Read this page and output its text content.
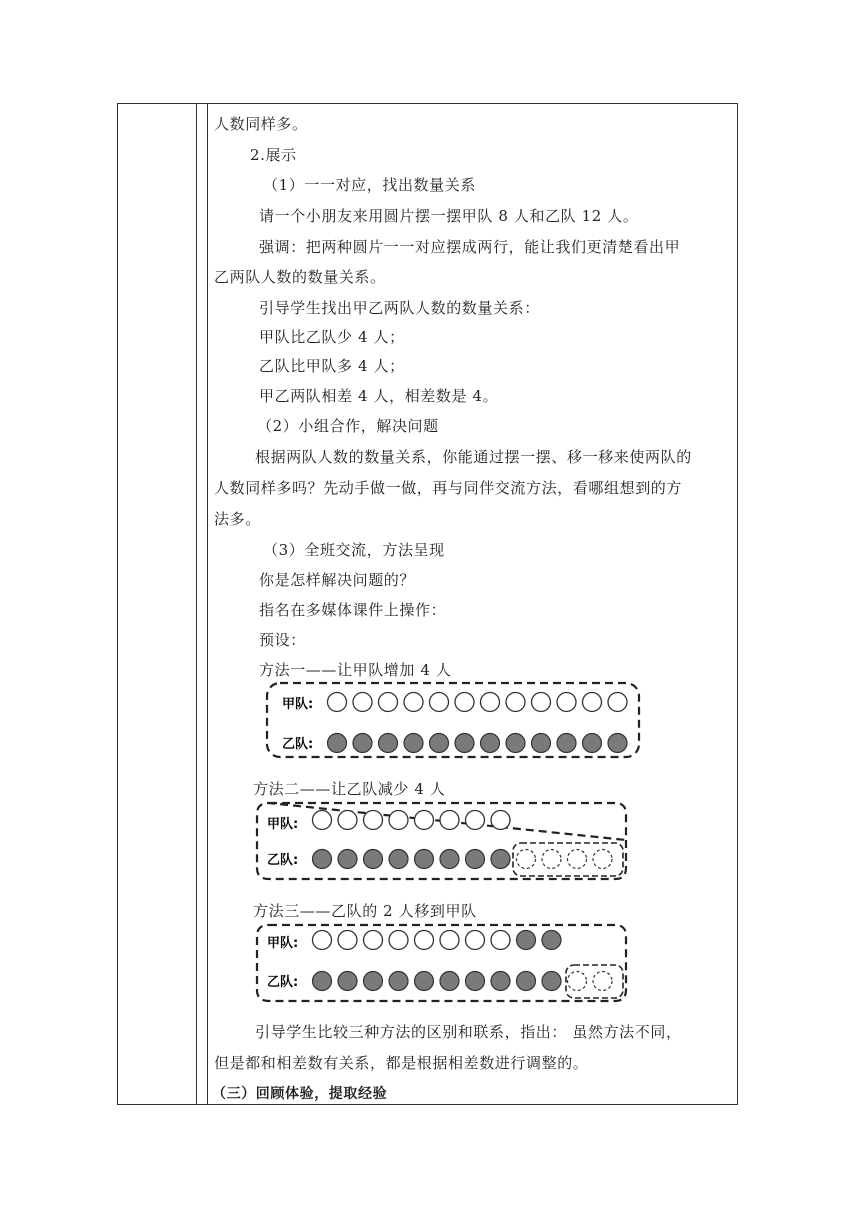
人数同样多。
2.展示
（1）一一对应，找出数量关系
请一个小朋友来用圆片摆一摆甲队 8 人和乙队 12 人。
强调：把两种圆片一一对应摆成两行，能让我们更清楚看出甲
乙两队人数的数量关系。
引导学生找出甲乙两队人数的数量关系：
甲队比乙队少 4 人；
乙队比甲队多 4 人；
甲乙两队相差 4 人，相差数是 4。
（2）小组合作，解决问题
根据两队人数的数量关系，你能通过摆一摆、移一移来使两队的
人数同样多吗？先动手做一做，再与同伴交流方法，看哪组想到的方
法多。
（3）全班交流，方法呈现
你是怎样解决问题的？
指名在多媒体课件上操作：
预设：
方法一——让甲队增加 4 人
方法二——让乙队减少 4 人
方法三——乙队的 2 人移到甲队
引导学生比较三种方法的区别和联系，指出： 虽然方法不同，
但是都和相差数有关系，都是根据相差数进行调整的。
（三）回顾体验，提取经验
甲队:
乙队:
甲队:
乙队:
甲队:
乙队:
